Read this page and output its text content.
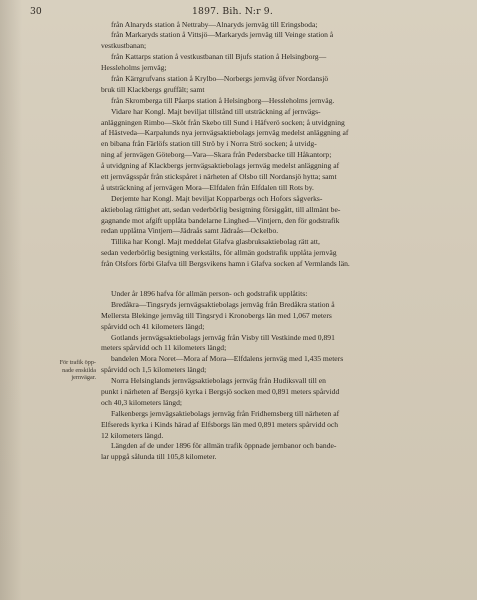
30	1897. Bih. N:r 9.
från Alnaryds station å Nettraby—Alnaryds jernväg till Eringsboda;
från Markaryds station å Vittsjö—Markaryds jernväg till Veinge station å
vestkustbanan;
från Kattarps station å vestkustbanan till Bjufs station å Helsingborg—
Hessleholms jernväg;
från Kärrgrufvans station å Krylbo—Norbergs jernväg öfver Nordansjö
bruk till Klackbergs gruffält; samt
från Skromberga till Påarps station å Helsingborg—Hessleholms jernväg.
Vidare har Kongl. Majt beviljat tillstånd till utsträckning af jernvägs-
anläggningen Rimbo—Sköt från Skebo till Sund i Häfverö socken; å utvidgning
af Hästveda—Karpalunds nya jernvägsaktiebolags jernväg medelst anläggning af
en bibana från Färlöfs station till Strö by i Norra Strö socken; å utvidg-
ning af jernvägen Göteborg—Vara—Skara från Pedersbacke till Håkantorp;
å utvidgning af Klackbergs jernvägsaktiebolags jernväg medelst anläggning af
ett jernvägsspår från stickspåret i närheten af Olsbo till Nordansjö hytta; samt
å utsträckning af jernvägen Mora—Elfdalen från Elfdalen till Rots by.
Derjemte har Kongl. Majt beviljat Kopparbergs och Hofors sågverks-
aktiebolag rättighet att, sedan vederbörlig besigtning försiggått, till allmänt be-
gagnande mot afgift upplåta bandelarne Linghed—Vintjern, den för godstrafik
redan upplåtna Vintjern—Jädraås samt Jädraås—Ockelbo.
Tillika har Kongl. Majt meddelat Glafva glasbruksaktiebolag rätt att,
sedan vederbörlig besigtning verkstälts, för allmän godstrafik upplåta jernväg
från Olsfors förbi Glafva till Bergsvikens hamn i Glafva socken af Vermlands län.
Under år 1896 hafva för allmän person- och godstrafik upplåtits:
Bredåkra—Tingsryds jernvägsaktiebolags jernväg från Bredåkra station å
Mellersta Blekinge jernväg till Tingsryd i Kronobergs län med 1,067 meters
spårvidd och 41 kilometers längd;
Gotlands jernvägsaktiebolags jernväg från Visby till Vestkinde med 0,891
meters spårvidd och 11 kilometers längd;
bandelen Mora Noret—Mora af Mora—Elfdalens jernväg med 1,435 meters
spårvidd och 1,5 kilometers längd;
Norra Helsinglands jernvägsaktiebolags jernväg från Hudiksvall till en
punkt i närheten af Bergsjö kyrka i Bergsjö socken med 0,891 meters spårvidd
och 40,3 kilometers längd;
Falkenbergs jernvägsaktiebolags jernväg från Fridhemsberg till närheten af
Elfsereds kyrka i Kinds härad af Elfsborgs län med 0,891 meters spårvidd och
12 kilometers längd.
Längden af de under 1896 för allmän trafik öppnade jernbanor och bande-
lar uppgå sålunda till 105,8 kilometer.
För trafik öpp-
nade enskilda
jernvägar.
